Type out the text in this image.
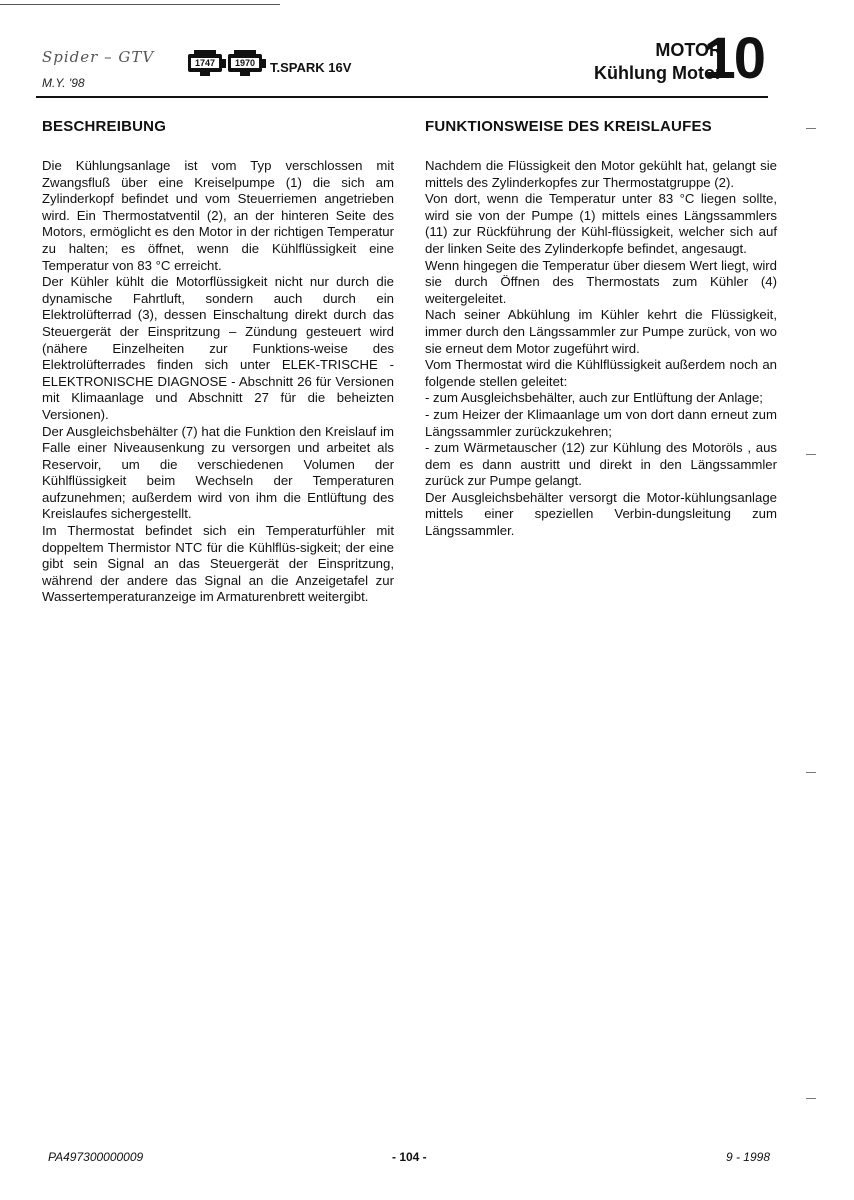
Spider – GTV
M.Y. '98
1747	1970	T.SPARK 16V
MOTOR
Kühlung Motor
10
BESCHREIBUNG

Die Kühlungsanlage ist vom Typ verschlossen mit Zwangsfluß über eine Kreiselpumpe (1) die sich am Zylinderkopf befindet und vom Steuerriemen angetrieben wird. Ein Thermostatventil (2), an der hinteren Seite des Motors, ermöglicht es den Motor in der richtigen Temperatur zu halten; es öffnet, wenn die Kühlflüssigkeit eine Temperatur von 83 °C erreicht.

Der Kühler kühlt die Motorflüssigkeit nicht nur durch die dynamische Fahrtluft, sondern auch durch ein Elektrolüfterrad (3), dessen Einschaltung direkt durch das Steuergerät der Einspritzung – Zündung gesteuert wird (nähere Einzelheiten zur Funktions-weise des Elektrolüfterrades finden sich unter ELEK-TRISCHE - ELEKTRONISCHE DIAGNOSE - Abschnitt 26 für Versionen mit Klimaanlage und Abschnitt 27 für die beheizten Versionen).

Der Ausgleichsbehälter (7) hat die Funktion den Kreislauf im Falle einer Niveausenkung zu versorgen und arbeitet als Reservoir, um die verschiedenen Volumen der Kühlflüssigkeit beim Wechseln der Temperaturen aufzunehmen; außerdem wird von ihm die Entlüftung des Kreislaufes sichergestellt.

Im Thermostat befindet sich ein Temperaturfühler mit doppeltem Thermistor NTC für die Kühlflüs-sigkeit; der eine gibt sein Signal an das Steuergerät der Einspritzung, während der andere das Signal an die Anzeigetafel zur Wassertemperaturanzeige im Armaturenbrett weitergibt.

FUNKTIONSWEISE DES KREISLAUFES

Nachdem die Flüssigkeit den Motor gekühlt hat, gelangt sie mittels des Zylinderkopfes zur Thermostatgruppe (2).

Von dort, wenn die Temperatur unter 83 °C liegen sollte, wird sie von der Pumpe (1) mittels eines Längssammlers (11) zur Rückführung der Kühl-flüssigkeit, welcher sich auf der linken Seite des Zylinderkopfe befindet, angesaugt.

Wenn hingegen die Temperatur über diesem Wert liegt, wird sie durch Öffnen des Thermostats zum Kühler (4) weitergeleitet.

Nach seiner Abkühlung im Kühler kehrt die Flüssigkeit, immer durch den Längssammler zur Pumpe zurück, von wo sie erneut dem Motor zugeführt wird.

Vom Thermostat wird die Kühlflüssigkeit außerdem noch an folgende stellen geleitet:

- zum Ausgleichsbehälter, auch zur Entlüftung der Anlage;

- zum Heizer der Klimaanlage um von dort dann erneut zum Längssammler zurückzukehren;

- zum Wärmetauscher (12) zur Kühlung des Motoröls , aus dem es dann austritt und direkt in den Längssammler zurück zur Pumpe gelangt.

Der Ausgleichsbehälter versorgt die Motor-kühlungsanlage mittels einer speziellen Verbin-dungsleitung zum Längssammler.

PA497300000009	- 104 -	9 - 1998
